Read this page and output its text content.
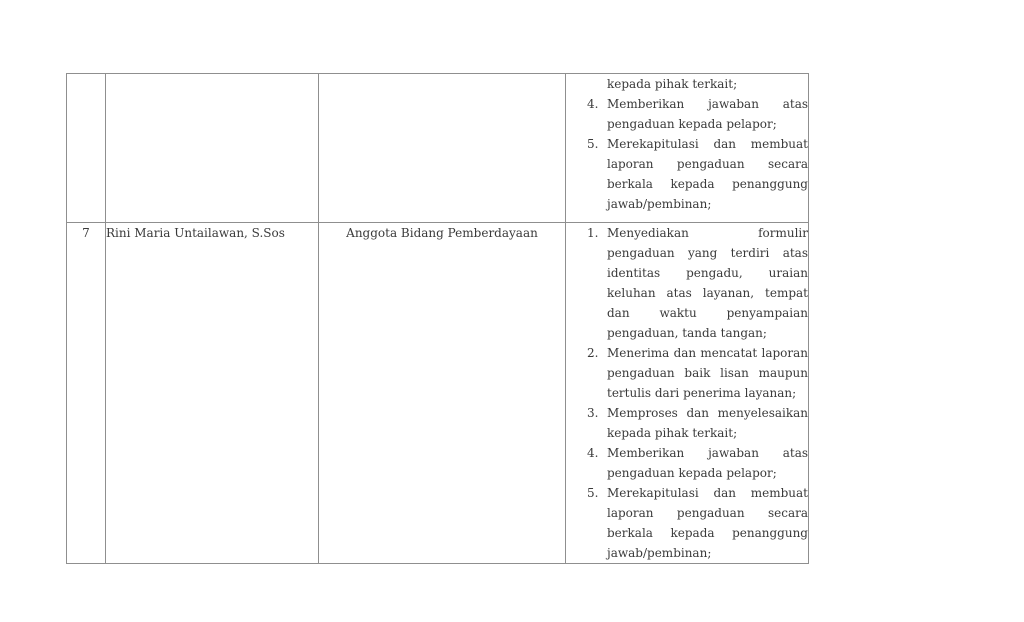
			kepada pihak terkait;
4. Memberikan jawaban atas pengaduan kepada pelapor;
5. Merekapitulasi dan membuat laporan pengaduan secara berkala kepada penanggung jawab/pembinan;

7	Rini Maria Untailawan, S.Sos	Anggota Bidang Pemberdayaan	1. Menyediakan formulir pengaduan yang terdiri atas identitas pengadu, uraian keluhan atas layanan, tempat dan waktu penyampaian pengaduan, tanda tangan;
2. Menerima dan mencatat laporan pengaduan baik lisan maupun tertulis dari penerima layanan;
3. Memproses dan menyelesaikan kepada pihak terkait;
4. Memberikan jawaban atas pengaduan kepada pelapor;
5. Merekapitulasi dan membuat laporan pengaduan secara berkala kepada penanggung jawab/pembinan;
